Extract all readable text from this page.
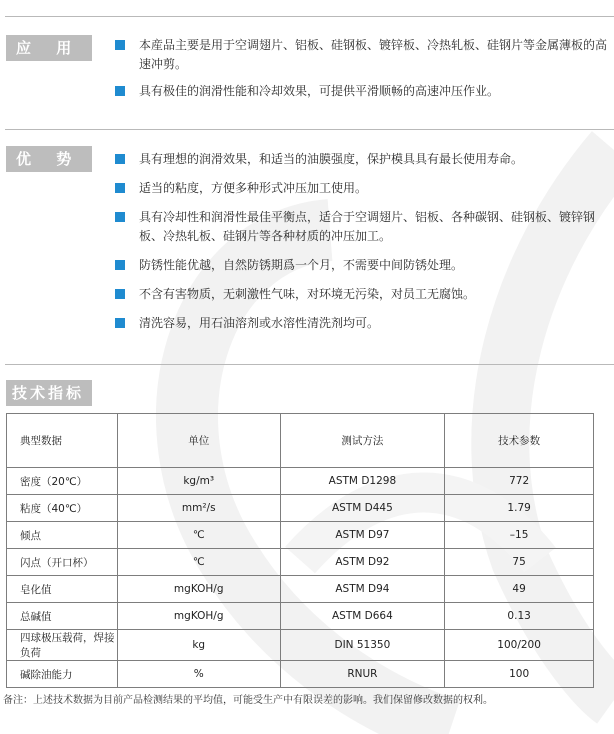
应 用	本産品主要是用于空调翅片、铝板、硅钢板、镀锌板、冷热轧板、硅钢片等金属薄板的高速冲剪。
具有极佳的润滑性能和冷却效果，可提供平滑顺畅的高速冲压作业。
优 势	具有理想的润滑效果，和适当的油膜强度，保护模具具有最长使用寿命。
适当的粘度，方便多种形式冲压加工使用。
具有冷却性和润滑性最佳平衡点，适合于空调翅片、铝板、各种碳钢、硅钢板、镀锌钢板、冷热轧板、硅钢片等各种材质的冲压加工。
防锈性能优越，自然防锈期爲一个月，不需要中间防锈处理。
不含有害物质，无刺激性气味，对环境无污染，对员工无腐蚀。
清洗容易，用石油溶剂或水溶性清洗剂均可。
技术指标
典型数据	单位	测试方法	技术参数
密度（20℃）	kg/m³	ASTM D1298	772
粘度（40℃）	mm²/s	ASTM D445	1.79
倾点	℃	ASTM D97	–15
闪点（开口杯）	℃	ASTM D92	75
皂化值	mgKOH/g	ASTM D94	49
总碱值	mgKOH/g	ASTM D664	0.13
四球极压载荷，焊接负荷	kg	DIN 51350	100/200
碱除油能力	%	RNUR	100
备注：上述技术数据为目前产品检测结果的平均值，可能受生产中有限误差的影响。我们保留修改数据的权利。
